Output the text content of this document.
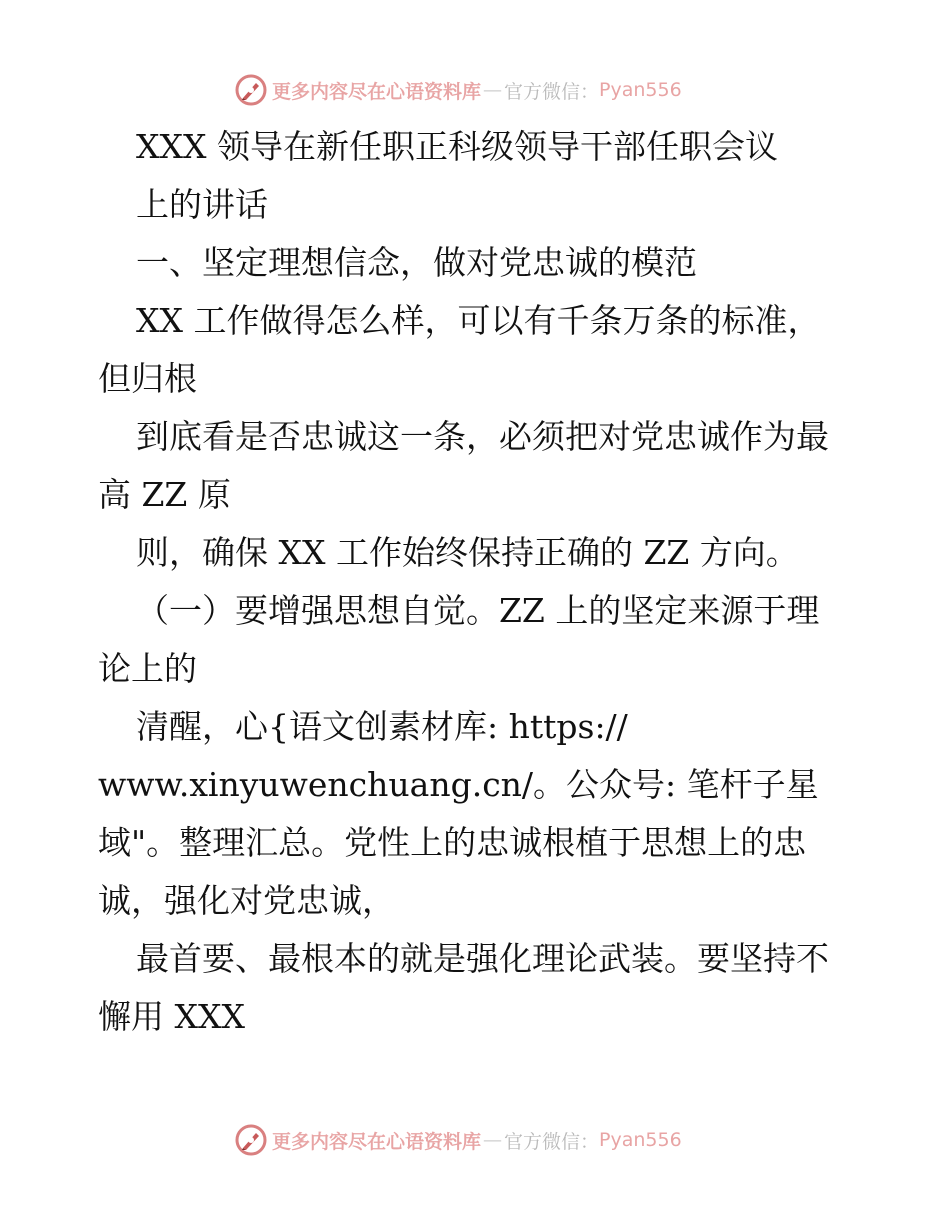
更多内容尽在心语资料库 — 官方微信： Pyan556
XXX 领导在新任职正科级领导干部任职会议
上的讲话
一、坚定理想信念，做对党忠诚的模范
XX 工作做得怎么样，可以有千条万条的标准，
但归根
到底看是否忠诚这一条，必须把对党忠诚作为最
高 ZZ 原
则，确保 XX 工作始终保持正确的 ZZ 方向。
（一）要增强思想自觉。ZZ 上的坚定来源于理
论上的
清醒，心{语文创素材库: https://
www.xinyuwenchuang.cn/。公众号: 笔杆子星
域"。整理汇总。党性上的忠诚根植于思想上的忠
诚，强化对党忠诚，
最首要、最根本的就是强化理论武装。要坚持不
懈用 XXX
更多内容尽在心语资料库 — 官方微信： Pyan556
